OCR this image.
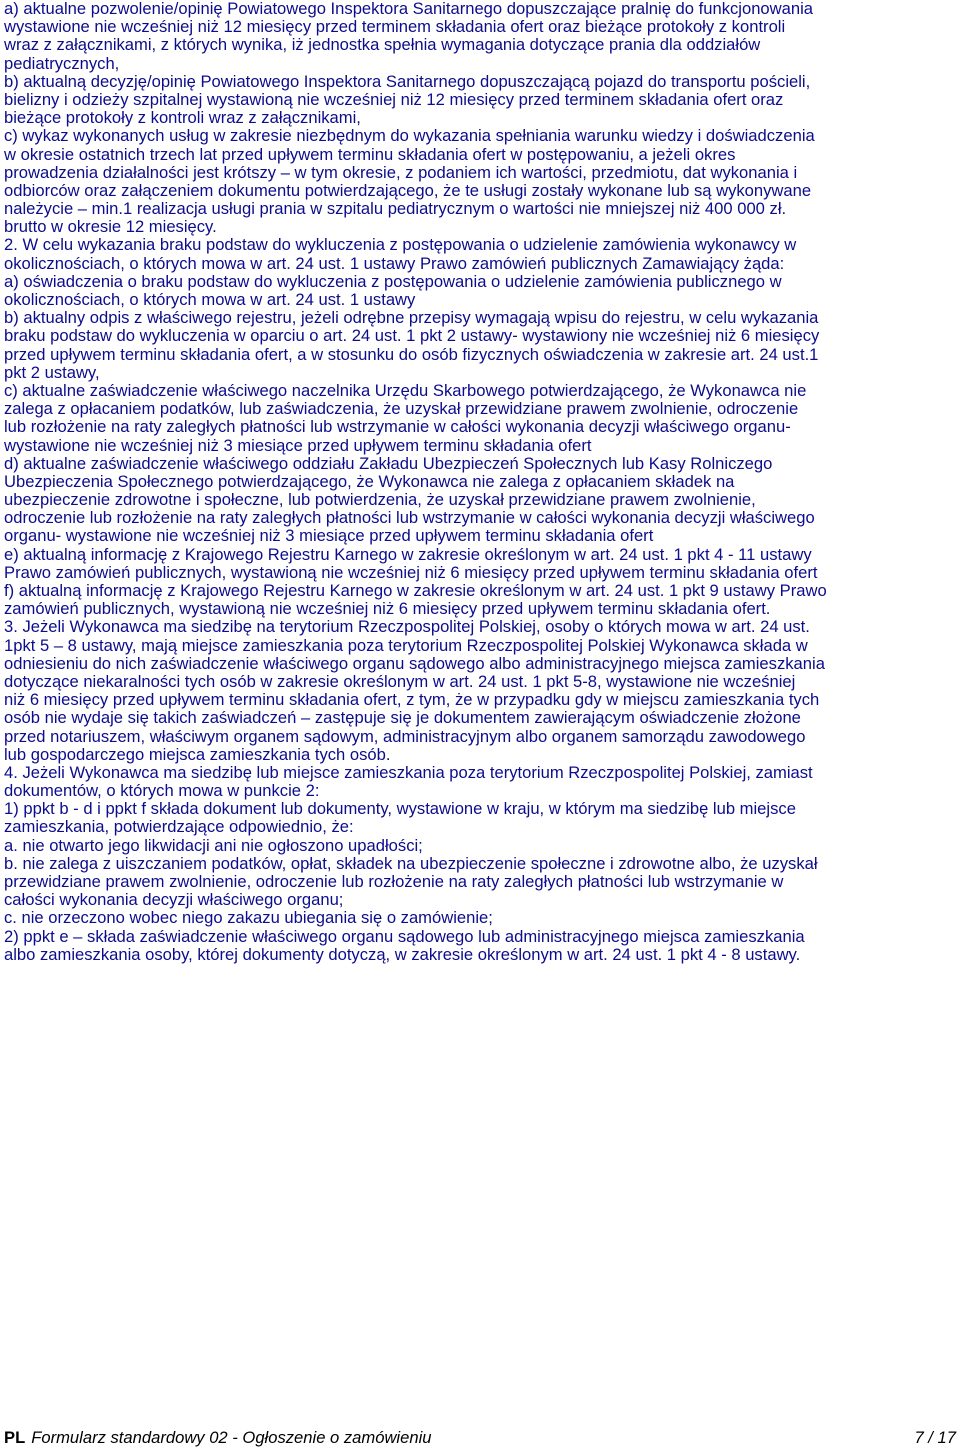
a) aktualne pozwolenie/opinię Powiatowego Inspektora Sanitarnego dopuszczające pralnię do funkcjonowania
wystawione nie wcześniej niż 12 miesięcy przed terminem składania ofert oraz bieżące protokoły z kontroli
wraz z załącznikami, z których wynika, iż jednostka spełnia wymagania dotyczące prania dla oddziałów
pediatrycznych,
b) aktualną decyzję/opinię Powiatowego Inspektora Sanitarnego dopuszczającą pojazd do transportu pościeli,
bielizny i odzieży szpitalnej wystawioną nie wcześniej niż 12 miesięcy przed terminem składania ofert oraz
bieżące protokoły z kontroli wraz z załącznikami,
c) wykaz wykonanych usług w zakresie niezbędnym do wykazania spełniania warunku wiedzy i doświadczenia
w okresie ostatnich trzech lat przed upływem terminu składania ofert w postępowaniu, a jeżeli okres
prowadzenia działalności jest krótszy – w tym okresie, z podaniem ich wartości, przedmiotu, dat wykonania i
odbiorców oraz załączeniem dokumentu potwierdzającego, że te usługi zostały wykonane lub są wykonywane
należycie – min.1 realizacja usługi prania w szpitalu pediatrycznym o wartości nie mniejszej niż 400 000 zł.
brutto w okresie 12 miesięcy.
2. W celu wykazania braku podstaw do wykluczenia z postępowania o udzielenie zamówienia wykonawcy w
okolicznościach, o których mowa w art. 24 ust. 1 ustawy Prawo zamówień publicznych Zamawiający żąda:
a) oświadczenia o braku podstaw do wykluczenia z postępowania o udzielenie zamówienia publicznego w
okolicznościach, o których mowa w art. 24 ust. 1 ustawy
b) aktualny odpis z właściwego rejestru, jeżeli odrębne przepisy wymagają wpisu do rejestru, w celu wykazania
braku podstaw do wykluczenia w oparciu o art. 24 ust. 1 pkt 2 ustawy- wystawiony nie wcześniej niż 6 miesięcy
przed upływem terminu składania ofert, a w stosunku do osób fizycznych oświadczenia w zakresie art. 24 ust.1
pkt 2 ustawy,
c) aktualne zaświadczenie właściwego naczelnika Urzędu Skarbowego potwierdzającego, że Wykonawca nie
zalega z opłacaniem podatków, lub zaświadczenia, że uzyskał przewidziane prawem zwolnienie, odroczenie
lub rozłożenie na raty zaległych płatności lub wstrzymanie w całości wykonania decyzji właściwego organu-
wystawione nie wcześniej niż 3 miesiące przed upływem terminu składania ofert
d) aktualne zaświadczenie właściwego oddziału Zakładu Ubezpieczeń Społecznych lub Kasy Rolniczego
Ubezpieczenia Społecznego potwierdzającego, że Wykonawca nie zalega z opłacaniem składek na
ubezpieczenie zdrowotne i społeczne, lub potwierdzenia, że uzyskał przewidziane prawem zwolnienie,
odroczenie lub rozłożenie na raty zaległych płatności lub wstrzymanie w całości wykonania decyzji właściwego
organu- wystawione nie wcześniej niż 3 miesiące przed upływem terminu składania ofert
e) aktualną informację z Krajowego Rejestru Karnego w zakresie określonym w art. 24 ust. 1 pkt 4 - 11 ustawy
Prawo zamówień publicznych, wystawioną nie wcześniej niż 6 miesięcy przed upływem terminu składania ofert
f) aktualną informację z Krajowego Rejestru Karnego w zakresie określonym w art. 24 ust. 1 pkt 9 ustawy Prawo
zamówień publicznych, wystawioną nie wcześniej niż 6 miesięcy przed upływem terminu składania ofert.
3. Jeżeli Wykonawca ma siedzibę na terytorium Rzeczpospolitej Polskiej, osoby o których mowa w art. 24 ust.
1pkt 5 – 8 ustawy, mają miejsce zamieszkania poza terytorium Rzeczpospolitej Polskiej Wykonawca składa w
odniesieniu do nich zaświadczenie właściwego organu sądowego albo administracyjnego miejsca zamieszkania
dotyczące niekaralności tych osób w zakresie określonym w art. 24 ust. 1 pkt 5-8, wystawione nie wcześniej
niż 6 miesięcy przed upływem terminu składania ofert, z tym, że w przypadku gdy w miejscu zamieszkania tych
osób nie wydaje się takich zaświadczeń – zastępuje się je dokumentem zawierającym oświadczenie złożone
przed notariuszem, właściwym organem sądowym, administracyjnym albo organem samorządu zawodowego
lub gospodarczego miejsca zamieszkania tych osób.
4. Jeżeli Wykonawca ma siedzibę lub miejsce zamieszkania poza terytorium Rzeczpospolitej Polskiej, zamiast
dokumentów, o których mowa w punkcie 2:
1) ppkt b - d i ppkt f składa dokument lub dokumenty, wystawione w kraju, w którym ma siedzibę lub miejsce
zamieszkania, potwierdzające odpowiednio, że:
a. nie otwarto jego likwidacji ani nie ogłoszono upadłości;
b. nie zalega z uiszczaniem podatków, opłat, składek na ubezpieczenie społeczne i zdrowotne albo, że uzyskał
przewidziane prawem zwolnienie, odroczenie lub rozłożenie na raty zaległych płatności lub wstrzymanie w
całości wykonania decyzji właściwego organu;
c. nie orzeczono wobec niego zakazu ubiegania się o zamówienie;
2) ppkt e – składa zaświadczenie właściwego organu sądowego lub administracyjnego miejsca zamieszkania
albo zamieszkania osoby, której dokumenty dotyczą, w zakresie określonym w art. 24 ust. 1 pkt 4 - 8 ustawy.
PL Formularz standardowy 02 - Ogłoszenie o zamówieniu	7 / 17
